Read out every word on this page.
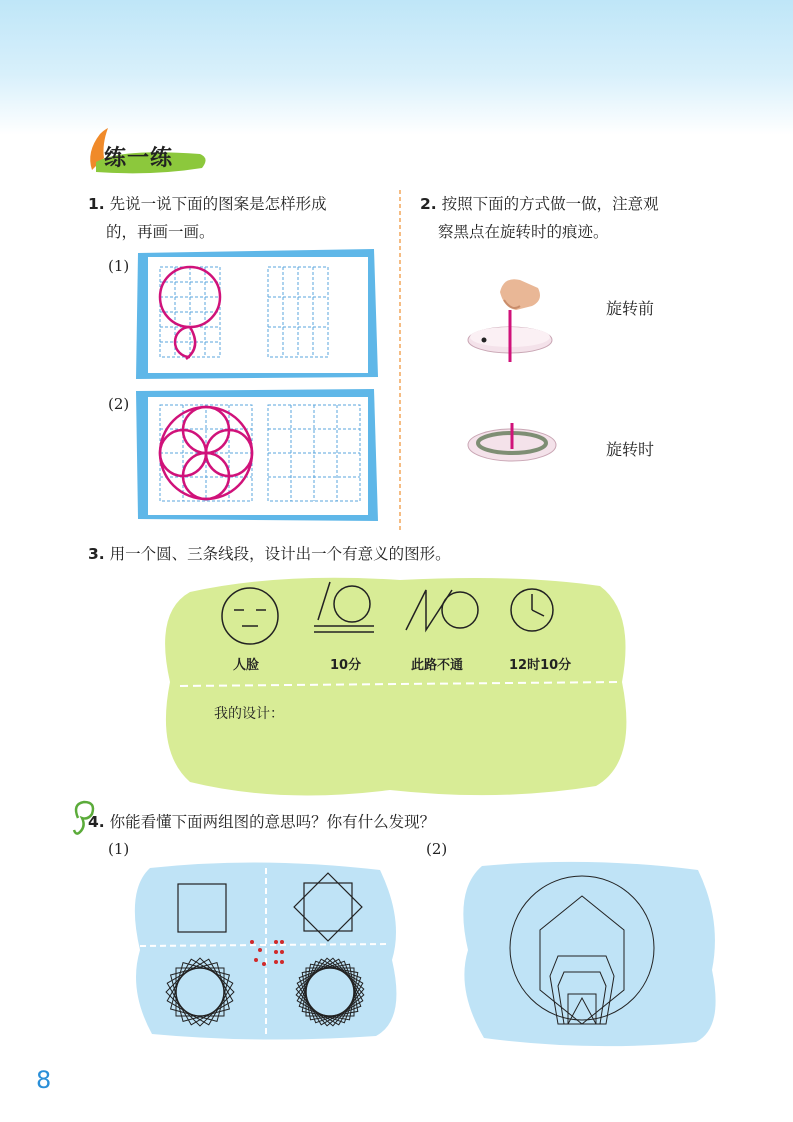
练一练
1. 先说一说下面的图案是怎样形成
的，再画一画。
(1)
(2)
2. 按照下面的方式做一做，注意观
察黑点在旋转时的痕迹。
旋转前
旋转时
3. 用一个圆、三条线段，设计出一个有意义的图形。
人脸	10分	此路不通	12时10分
我的设计：
4. 你能看懂下面两组图的意思吗？你有什么发现？
(1)	(2)
8
